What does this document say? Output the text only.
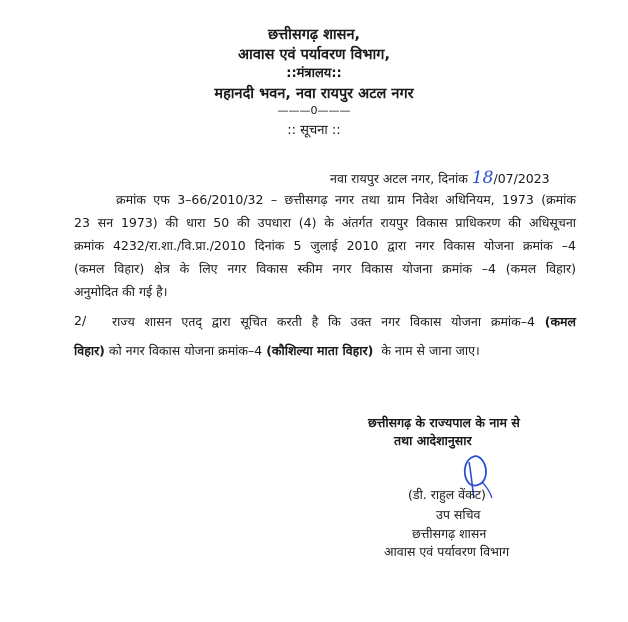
छत्तीसगढ़ शासन,
आवास एवं पर्यावरण विभाग,
::मंत्रालय::
महानदी भवन, नवा रायपुर अटल नगर
———0———
:: सूचना ::
नवा रायपुर अटल नगर, दिनांक 18/07/2023
क्रमांक एफ 3–66/2010/32 – छत्तीसगढ़ नगर तथा ग्राम निवेश अधिनियम, 1973 (क्रमांक
23 सन 1973) की धारा 50 की उपधारा (4) के अंतर्गत रायपुर विकास प्राधिकरण की अधिसूचना
क्रमांक 4232/रा.शा./वि.प्रा./2010 दिनांक 5 जुलाई 2010 द्वारा नगर विकास योजना क्रमांक –4
(कमल विहार) क्षेत्र के लिए नगर विकास स्कीम नगर विकास योजना क्रमांक –4 (कमल विहार)
अनुमोदित की गई है।
2/ राज्य शासन एतद् द्वारा सूचित करती है कि उक्त नगर विकास योजना क्रमांक–4 (कमल
विहार) को नगर विकास योजना क्रमांक–4 (कौशिल्या माता विहार) के नाम से जाना जाए।
छत्तीसगढ़ के राज्यपाल के नाम से
तथा आदेशानुसार
(डी. राहुल वेंकट)
उप सचिव
छत्तीसगढ़ शासन
आवास एवं पर्यावरण विभाग
